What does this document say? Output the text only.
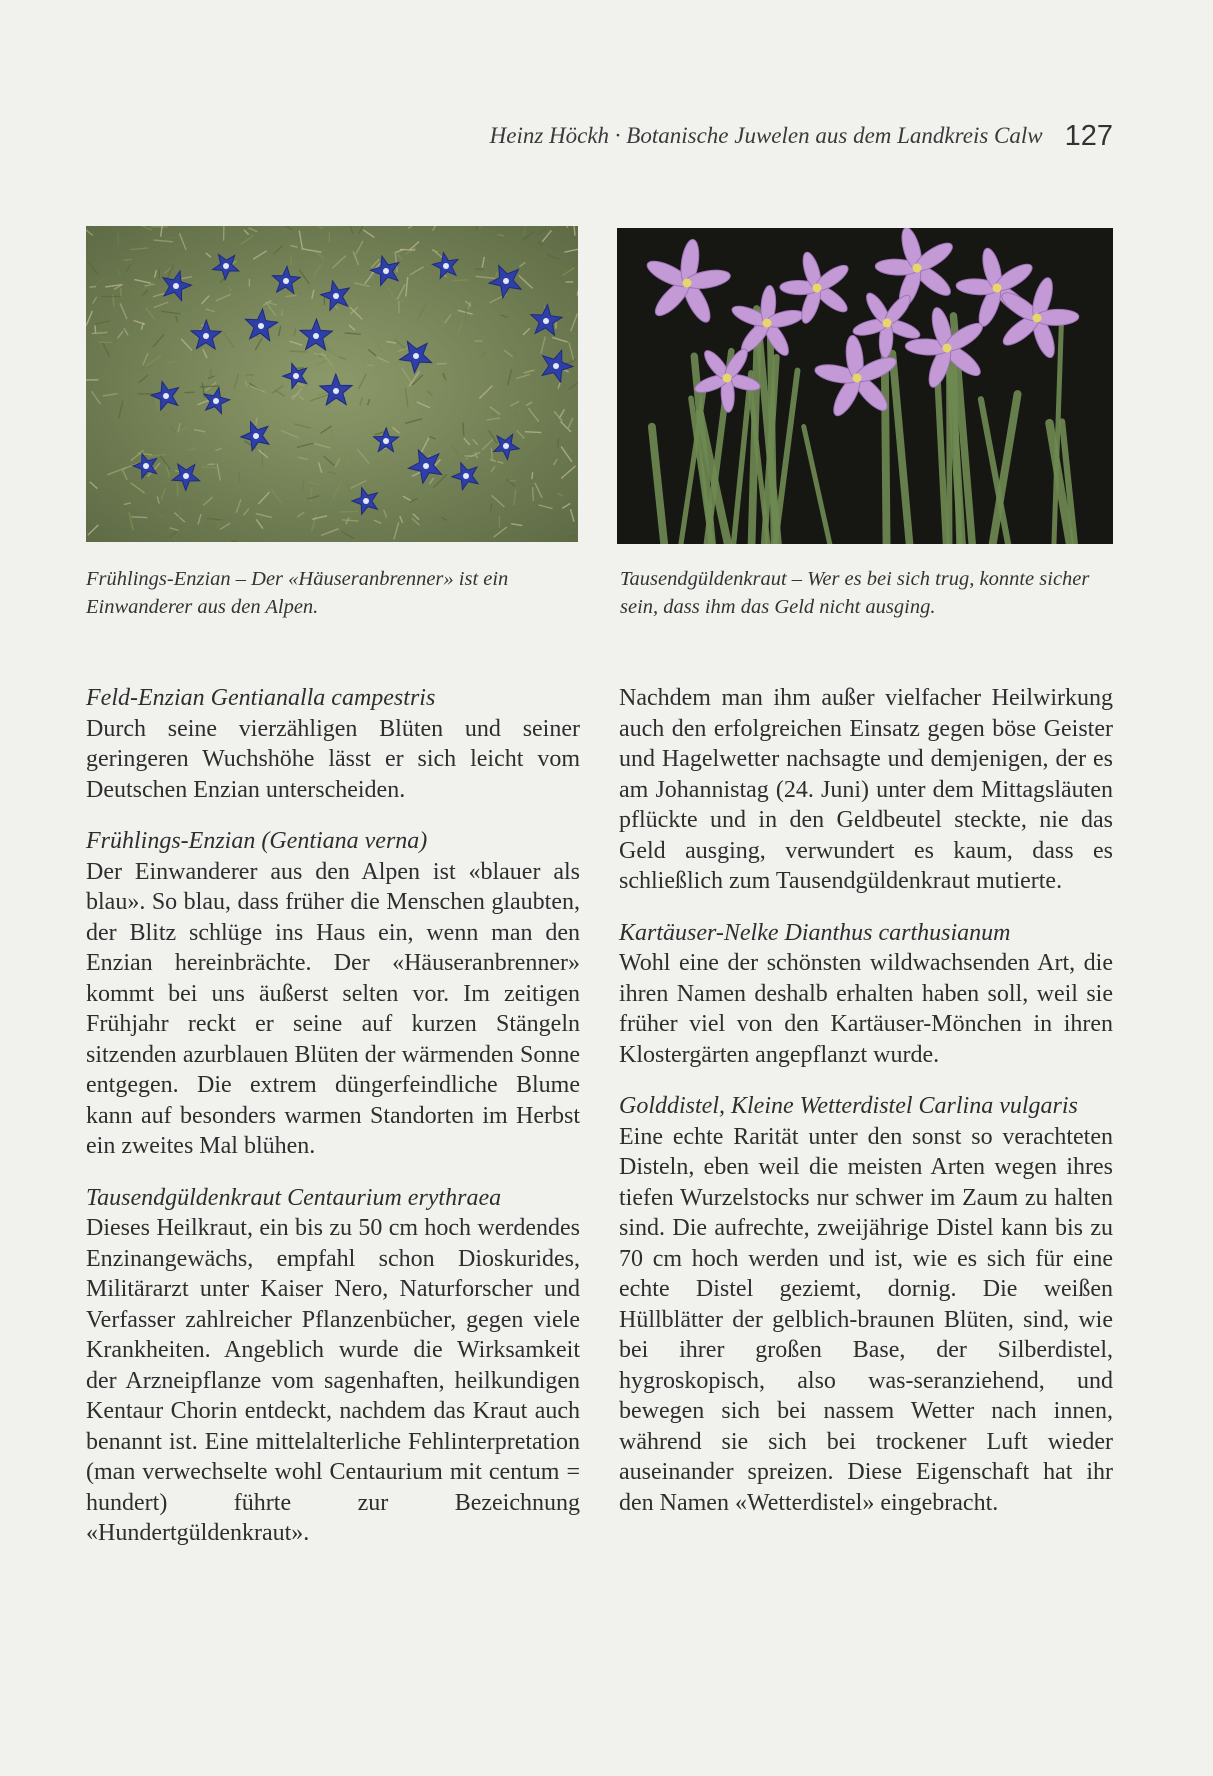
Heinz Höckh · Botanische Juwelen aus dem Landkreis Calw 127
Frühlings-Enzian – Der «Häuseranbrenner» ist ein Einwanderer aus den Alpen.
Tausendgüldenkraut – Wer es bei sich trug, konnte sicher sein, dass ihm das Geld nicht ausging.
Feld-Enzian Gentianalla campestris
Durch seine vierzähligen Blüten und seiner geringeren Wuchshöhe lässt er sich leicht vom Deutschen Enzian unterscheiden.
Frühlings-Enzian (Gentiana verna)
Der Einwanderer aus den Alpen ist «blauer als blau». So blau, dass früher die Menschen glaubten, der Blitz schlüge ins Haus ein, wenn man den Enzian hereinbrächte. Der «Häuseranbrenner» kommt bei uns äußerst selten vor. Im zeitigen Frühjahr reckt er seine auf kurzen Stängeln sitzenden azurblauen Blüten der wärmenden Sonne entgegen. Die extrem düngerfeindliche Blume kann auf besonders warmen Standorten im Herbst ein zweites Mal blühen.
Tausendgüldenkraut Centaurium erythraea
Dieses Heilkraut, ein bis zu 50 cm hoch werdendes Enzinangewächs, empfahl schon Dioskurides, Militärarzt unter Kaiser Nero, Naturforscher und Verfasser zahlreicher Pflanzenbücher, gegen viele Krankheiten. Angeblich wurde die Wirksamkeit der Arzneipflanze vom sagenhaften, heilkundigen Kentaur Chorin entdeckt, nachdem das Kraut auch benannt ist. Eine mittelalterliche Fehlinterpretation (man verwechselte wohl Centaurium mit centum = hundert) führte zur Bezeichnung «Hundertgüldenkraut».
Nachdem man ihm außer vielfacher Heilwirkung auch den erfolgreichen Einsatz gegen böse Geister und Hagelwetter nachsagte und demjenigen, der es am Johannistag (24. Juni) unter dem Mittagsläuten pflückte und in den Geldbeutel steckte, nie das Geld ausging, verwundert es kaum, dass es schließlich zum Tausendgüldenkraut mutierte.
Kartäuser-Nelke Dianthus carthusianum
Wohl eine der schönsten wildwachsenden Art, die ihren Namen deshalb erhalten haben soll, weil sie früher viel von den Kartäuser-Mönchen in ihren Klostergärten angepflanzt wurde.
Golddistel, Kleine Wetterdistel Carlina vulgaris
Eine echte Rarität unter den sonst so verachteten Disteln, eben weil die meisten Arten wegen ihres tiefen Wurzelstocks nur schwer im Zaum zu halten sind. Die aufrechte, zweijährige Distel kann bis zu 70 cm hoch werden und ist, wie es sich für eine echte Distel geziemt, dornig. Die weißen Hüllblätter der gelblich-braunen Blüten, sind, wie bei ihrer großen Base, der Silberdistel, hygroskopisch, also was-seranziehend, und bewegen sich bei nassem Wetter nach innen, während sie sich bei trockener Luft wieder auseinander spreizen. Diese Eigenschaft hat ihr den Namen «Wetterdistel» eingebracht.
